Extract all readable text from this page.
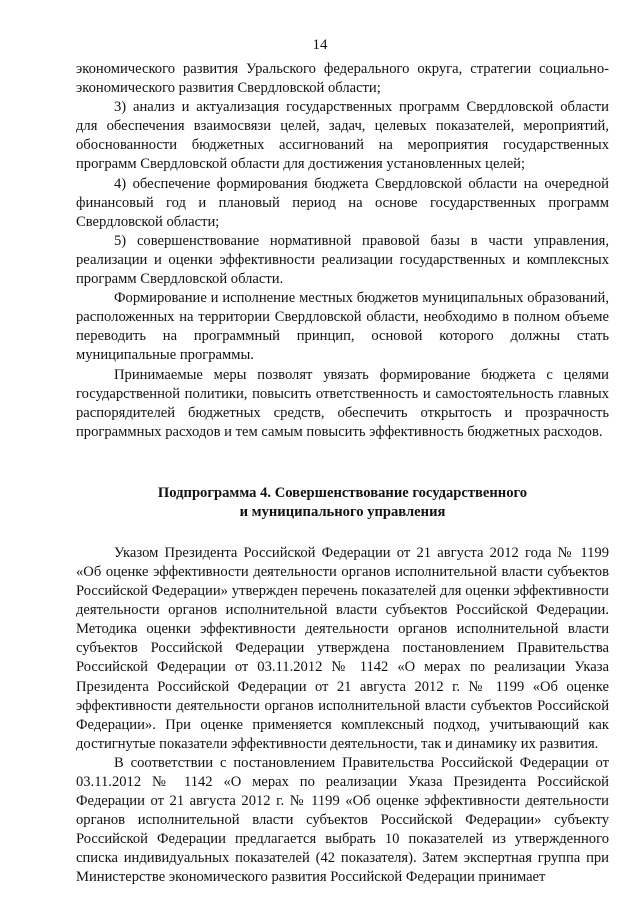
14

экономического развития Уральского федерального округа, стратегии социально-экономического развития Свердловской области;

3) анализ и актуализация государственных программ Свердловской области для обеспечения взаимосвязи целей, задач, целевых показателей, мероприятий, обоснованности бюджетных ассигнований на мероприятия государственных программ Свердловской области для достижения установленных целей;

4) обеспечение формирования бюджета Свердловской области на очередной финансовый год и плановый период на основе государственных программ Свердловской области;

5) совершенствование нормативной правовой базы в части управления, реализации и оценки эффективности реализации государственных и комплексных программ Свердловской области.

Формирование и исполнение местных бюджетов муниципальных образований, расположенных на территории Свердловской области, необходимо в полном объеме переводить на программный принцип, основой которого должны стать муниципальные программы.

Принимаемые меры позволят увязать формирование бюджета с целями государственной политики, повысить ответственность и самостоятельность главных распорядителей бюджетных средств, обеспечить открытость и прозрачность программных расходов и тем самым повысить эффективность бюджетных расходов.

Подпрограмма 4. Совершенствование государственного
и муниципального управления

Указом Президента Российской Федерации от 21 августа 2012 года № 1199 «Об оценке эффективности деятельности органов исполнительной власти субъектов Российской Федерации» утвержден перечень показателей для оценки эффективности деятельности органов исполнительной власти субъектов Российской Федерации. Методика оценки эффективности деятельности органов исполнительной власти субъектов Российской Федерации утверждена постановлением Правительства Российской Федерации от 03.11.2012 № 1142 «О мерах по реализации Указа Президента Российской Федерации от 21 августа 2012 г. № 1199 «Об оценке эффективности деятельности органов исполнительной власти субъектов Российской Федерации». При оценке применяется комплексный подход, учитывающий как достигнутые показатели эффективности деятельности, так и динамику их развития.

В соответствии с постановлением Правительства Российской Федерации от 03.11.2012 № 1142 «О мерах по реализации Указа Президента Российской Федерации от 21 августа 2012 г. № 1199 «Об оценке эффективности деятельности органов исполнительной власти субъектов Российской Федерации» субъекту Российской Федерации предлагается выбрать 10 показателей из утвержденного списка индивидуальных показателей (42 показателя). Затем экспертная группа при Министерстве экономического развития Российской Федерации принимает
